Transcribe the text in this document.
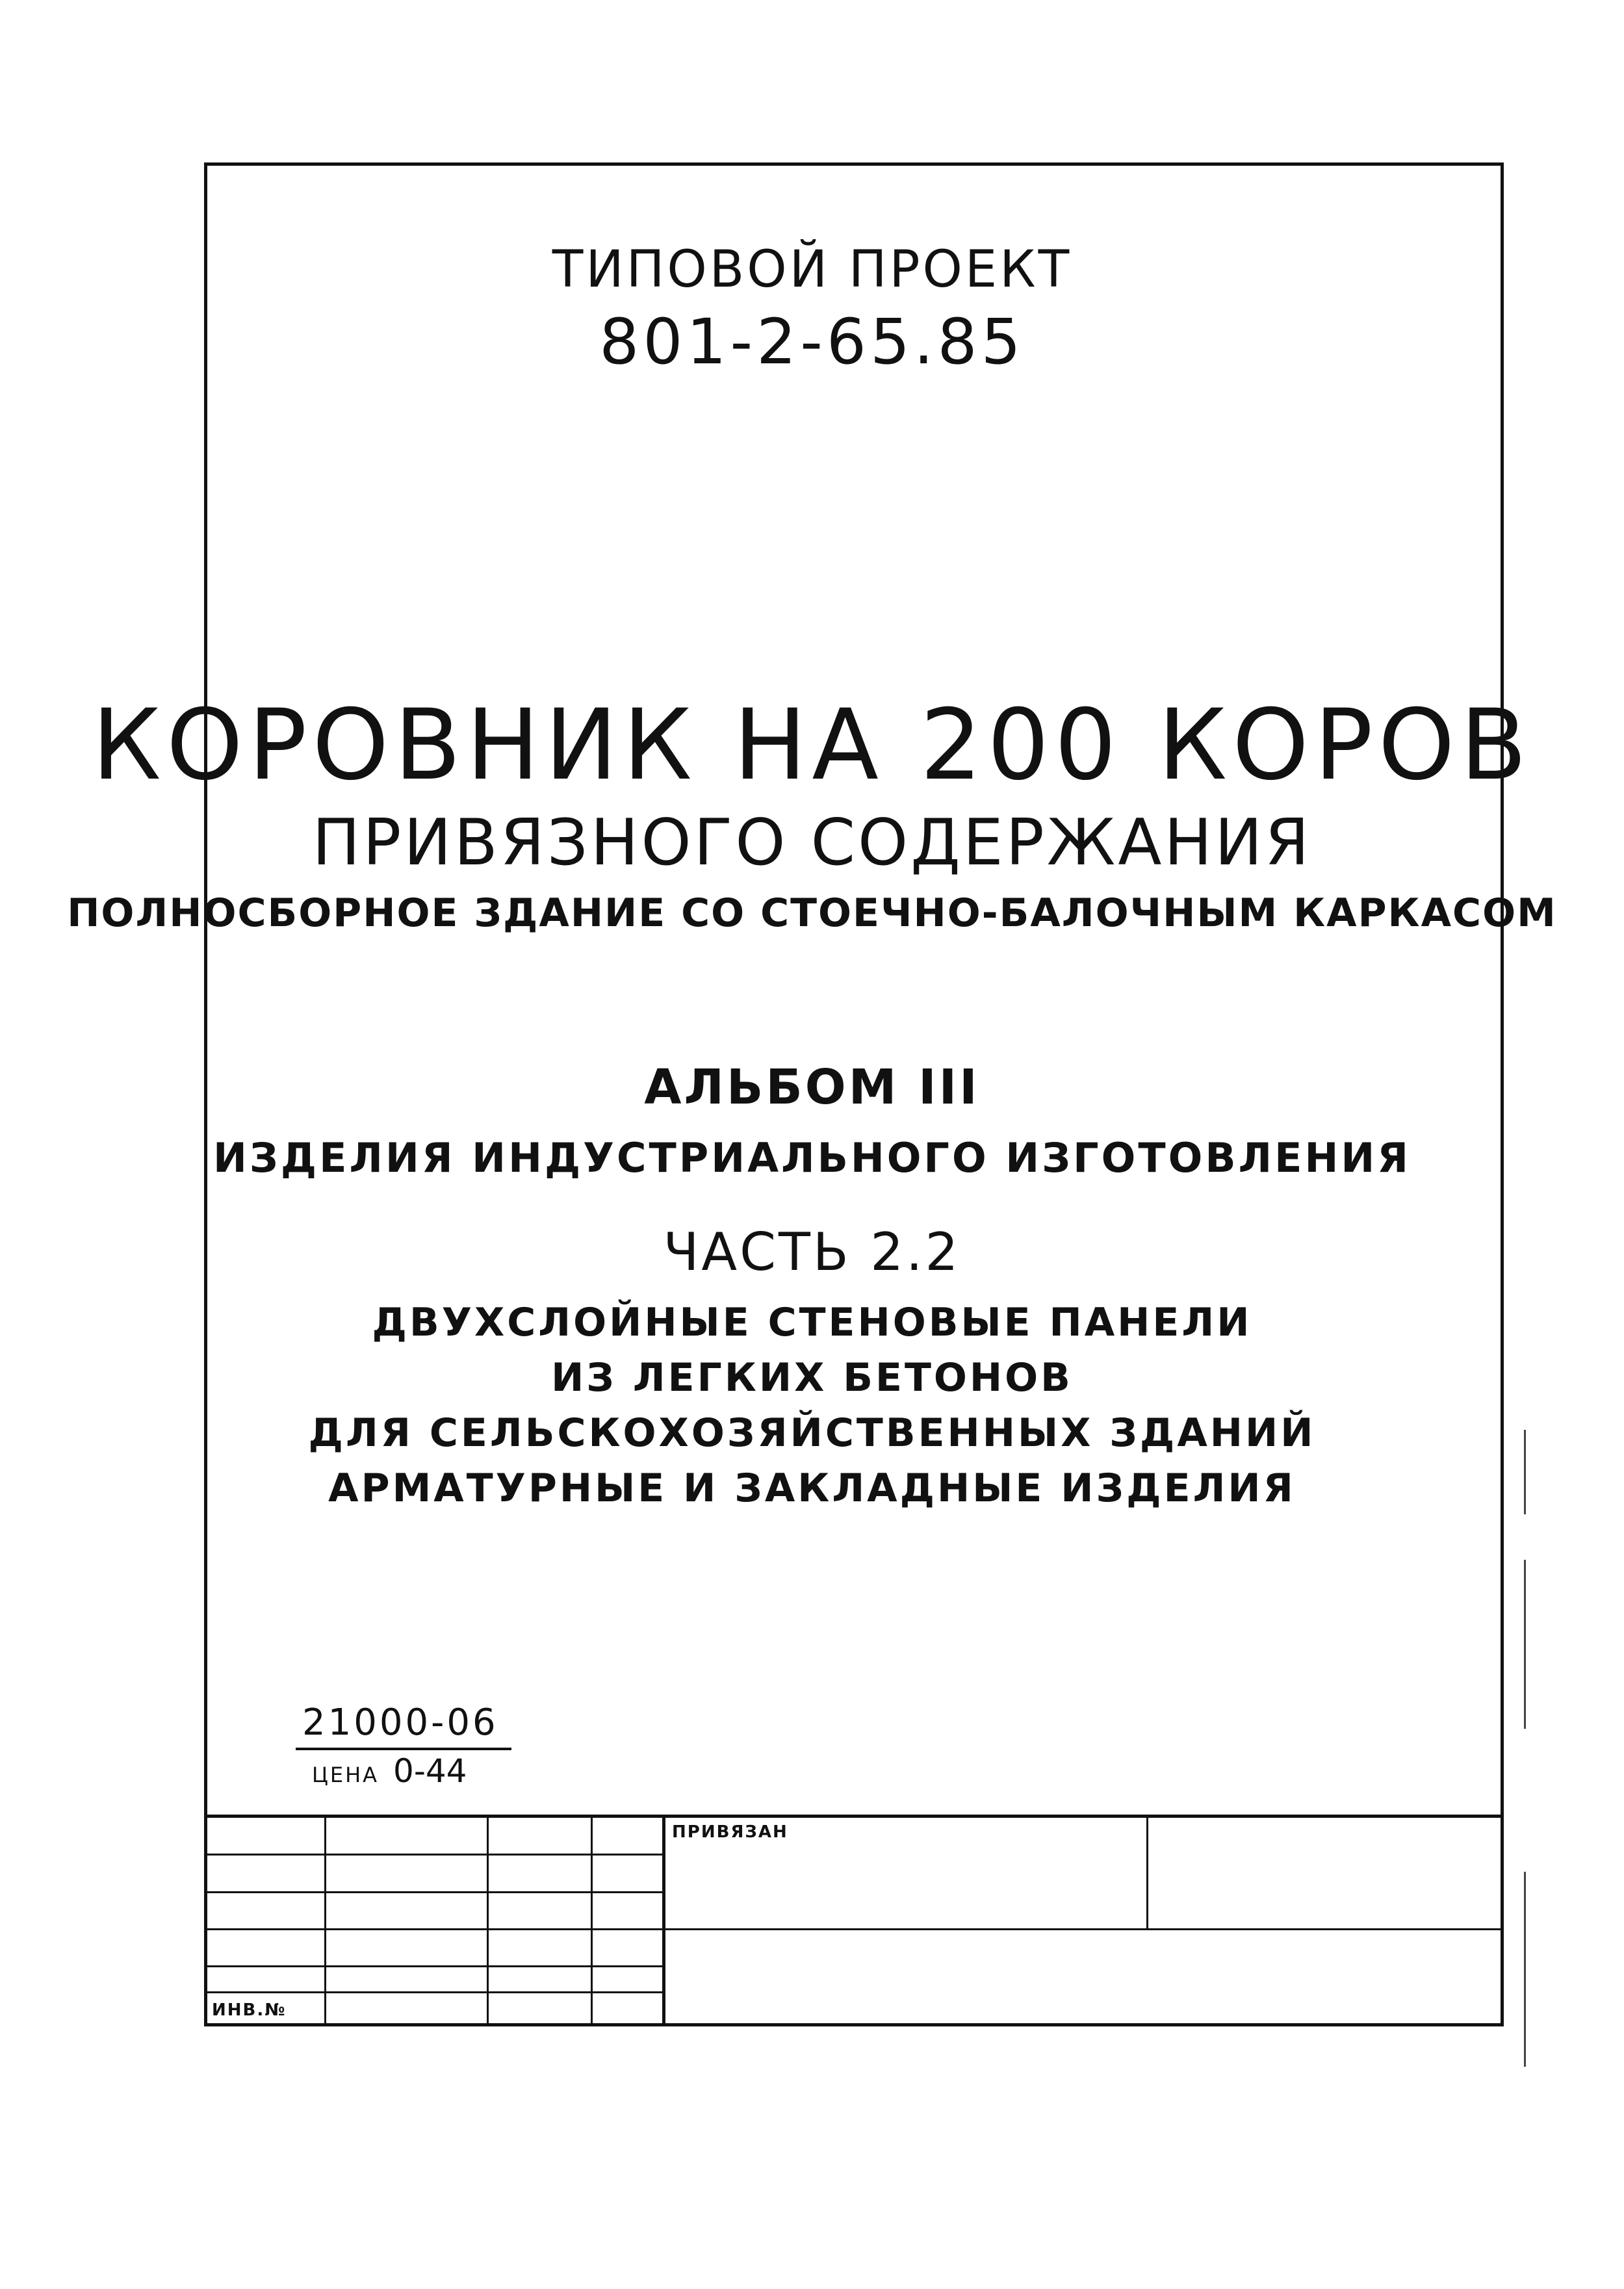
ТИПОВОЙ ПРОЕКТ
801-2-65.85
КОРОВНИК НА 200 КОРОВ
ПРИВЯЗНОГО СОДЕРЖАНИЯ
ПОЛНОСБОРНОЕ ЗДАНИЕ СО СТОЕЧНО-БАЛОЧНЫМ КАРКАСОМ
АЛЬБОМ III
ИЗДЕЛИЯ ИНДУСТРИАЛЬНОГО ИЗГОТОВЛЕНИЯ
ЧАСТЬ 2.2
ДВУХСЛОЙНЫЕ СТЕНОВЫЕ ПАНЕЛИ
ИЗ ЛЕГКИХ БЕТОНОВ
ДЛЯ СЕЛЬСКОХОЗЯЙСТВЕННЫХ ЗДАНИЙ
АРМАТУРНЫЕ И ЗАКЛАДНЫЕ ИЗДЕЛИЯ
21000-06
ЦЕНА 0-44
ПРИВЯЗАН
ИНВ.№
